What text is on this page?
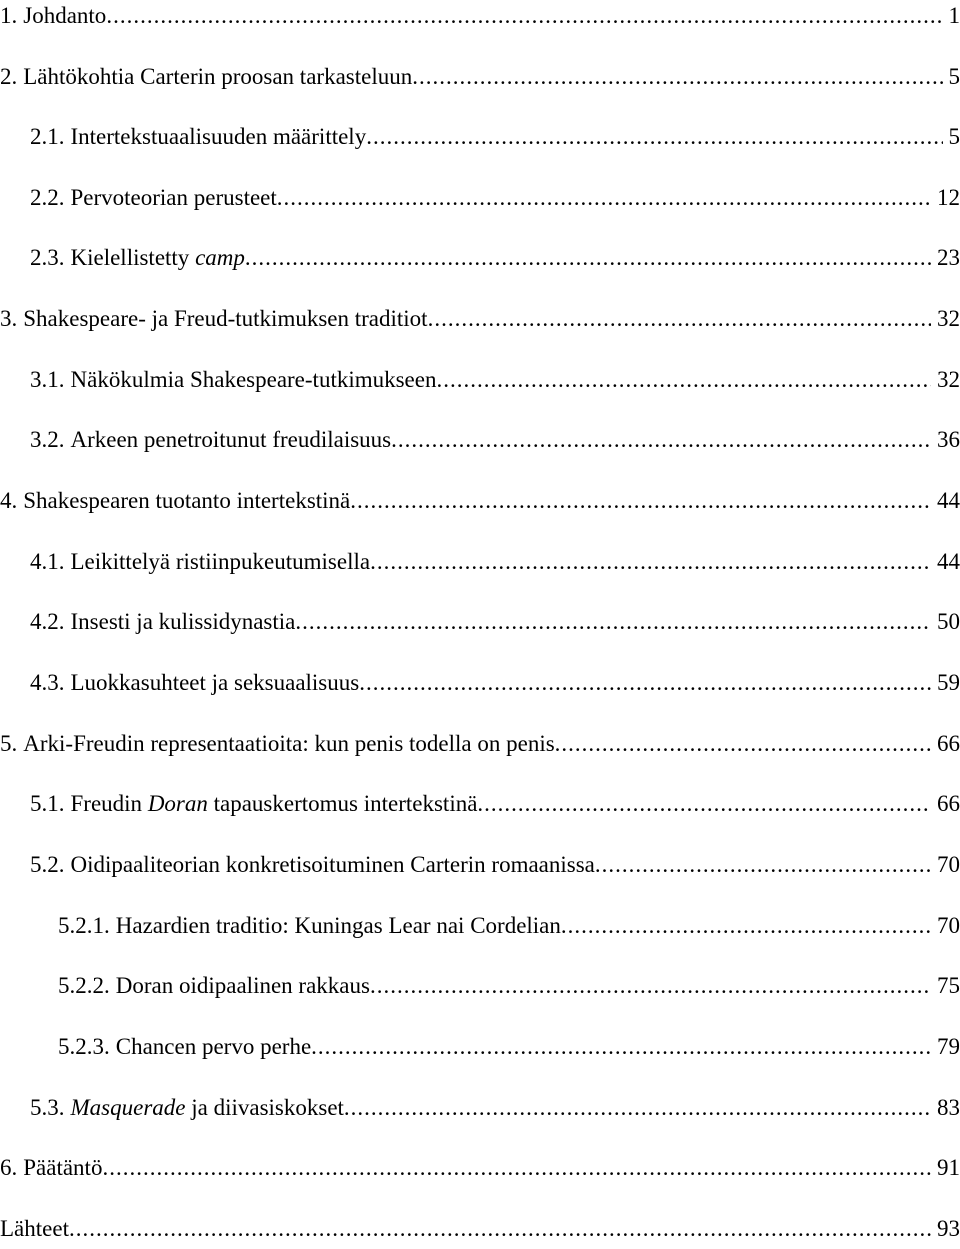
1. Johdanto .....	1
2. Lähtökohtia Carterin proosan tarkasteluun .....	5
2.1. Intertekstuaalisuuden määrittely .....	5
2.2. Pervoteorian perusteet .....	12
2.3. Kielellistetty camp .....	23
3. Shakespeare- ja Freud-tutkimuksen traditiot .....	32
3.1. Näkökulmia Shakespeare-tutkimukseen .....	32
3.2. Arkeen penetroitunut freudilaisuus .....	36
4. Shakespearen tuotanto intertekstinä .....	44
4.1. Leikittelyä ristiinpukeutumisella .....	44
4.2. Insesti ja kulissidynastia .....	50
4.3. Luokkasuhteet ja seksuaalisuus .....	59
5. Arki-Freudin representaatioita: kun penis todella on penis .....	66
5.1. Freudin Doran tapauskertomus intertekstinä .....	66
5.2. Oidipaaliteorian konkretisoituminen Carterin romaanissa .....	70
5.2.1. Hazardien traditio: Kuningas Lear nai Cordelian .....	70
5.2.2. Doran oidipaalinen rakkaus .....	75
5.2.3. Chancen pervo perhe .....	79
5.3. Masquerade ja diivasiskokset .....	83
6. Päätäntö .....	91
Lähteet .....	93
